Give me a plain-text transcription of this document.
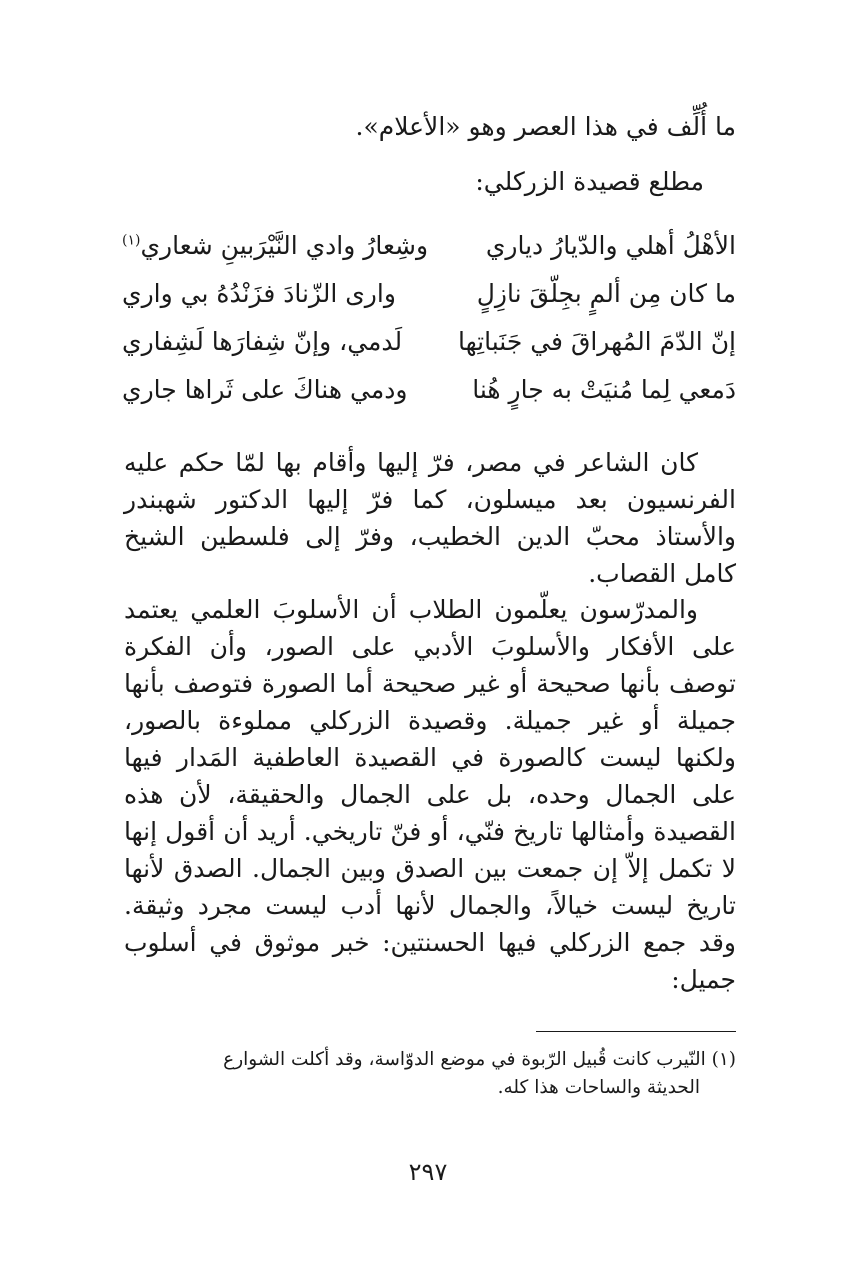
ما أُلِّف في هذا العصر وهو «الأعلام».
مطلع قصيدة الزركلي:
الأهْلُ أهلي والدّيارُ دياري
وشِعارُ وادي النَّيْرَبينِ شعاري$^{(١)}$
ما كان مِن ألمٍ بجِلّقَ نازِلٍ
وارى الزّنادَ فزَنْدُهُ بي واري
إنّ الدّمَ المُهراقَ في جَنَباتِها
لَدمي، وإنّ شِفارَها لَشِفاري
دَمعي لِما مُنيَتْ به جارٍ هُنا
ودمي هناكَ على ثَراها جاري
كان الشاعر في مصر، فرّ إليها وأقام بها لمّا حكم عليه الفرنسيون بعد ميسلون، كما فرّ إليها الدكتور شهبندر والأستاذ محبّ الدين الخطيب، وفرّ إلى فلسطين الشيخ كامل القصاب.
والمدرّسون يعلّمون الطلاب أن الأسلوبَ العلمي يعتمد على الأفكار والأسلوبَ الأدبي على الصور، وأن الفكرة توصف بأنها صحيحة أو غير صحيحة أما الصورة فتوصف بأنها جميلة أو غير جميلة. وقصيدة الزركلي مملوءة بالصور، ولكنها ليست كالصورة في القصيدة العاطفية المَدار فيها على الجمال وحده، بل على الجمال والحقيقة، لأن هذه القصيدة وأمثالها تاريخ فنّي، أو فنّ تاريخي. أريد أن أقول إنها لا تكمل إلاّ إن جمعت بين الصدق وبين الجمال. الصدق لأنها تاريخ ليست خيالاً، والجمال لأنها أدب ليست مجرد وثيقة. وقد جمع الزركلي فيها الحسنتين: خبر موثوق في أسلوب جميل:
(١) النّيرب كانت قُبيل الرّبوة في موضع الدوّاسة، وقد أكلت الشوارع
الحديثة والساحات هذا كله.
٢٩٧
